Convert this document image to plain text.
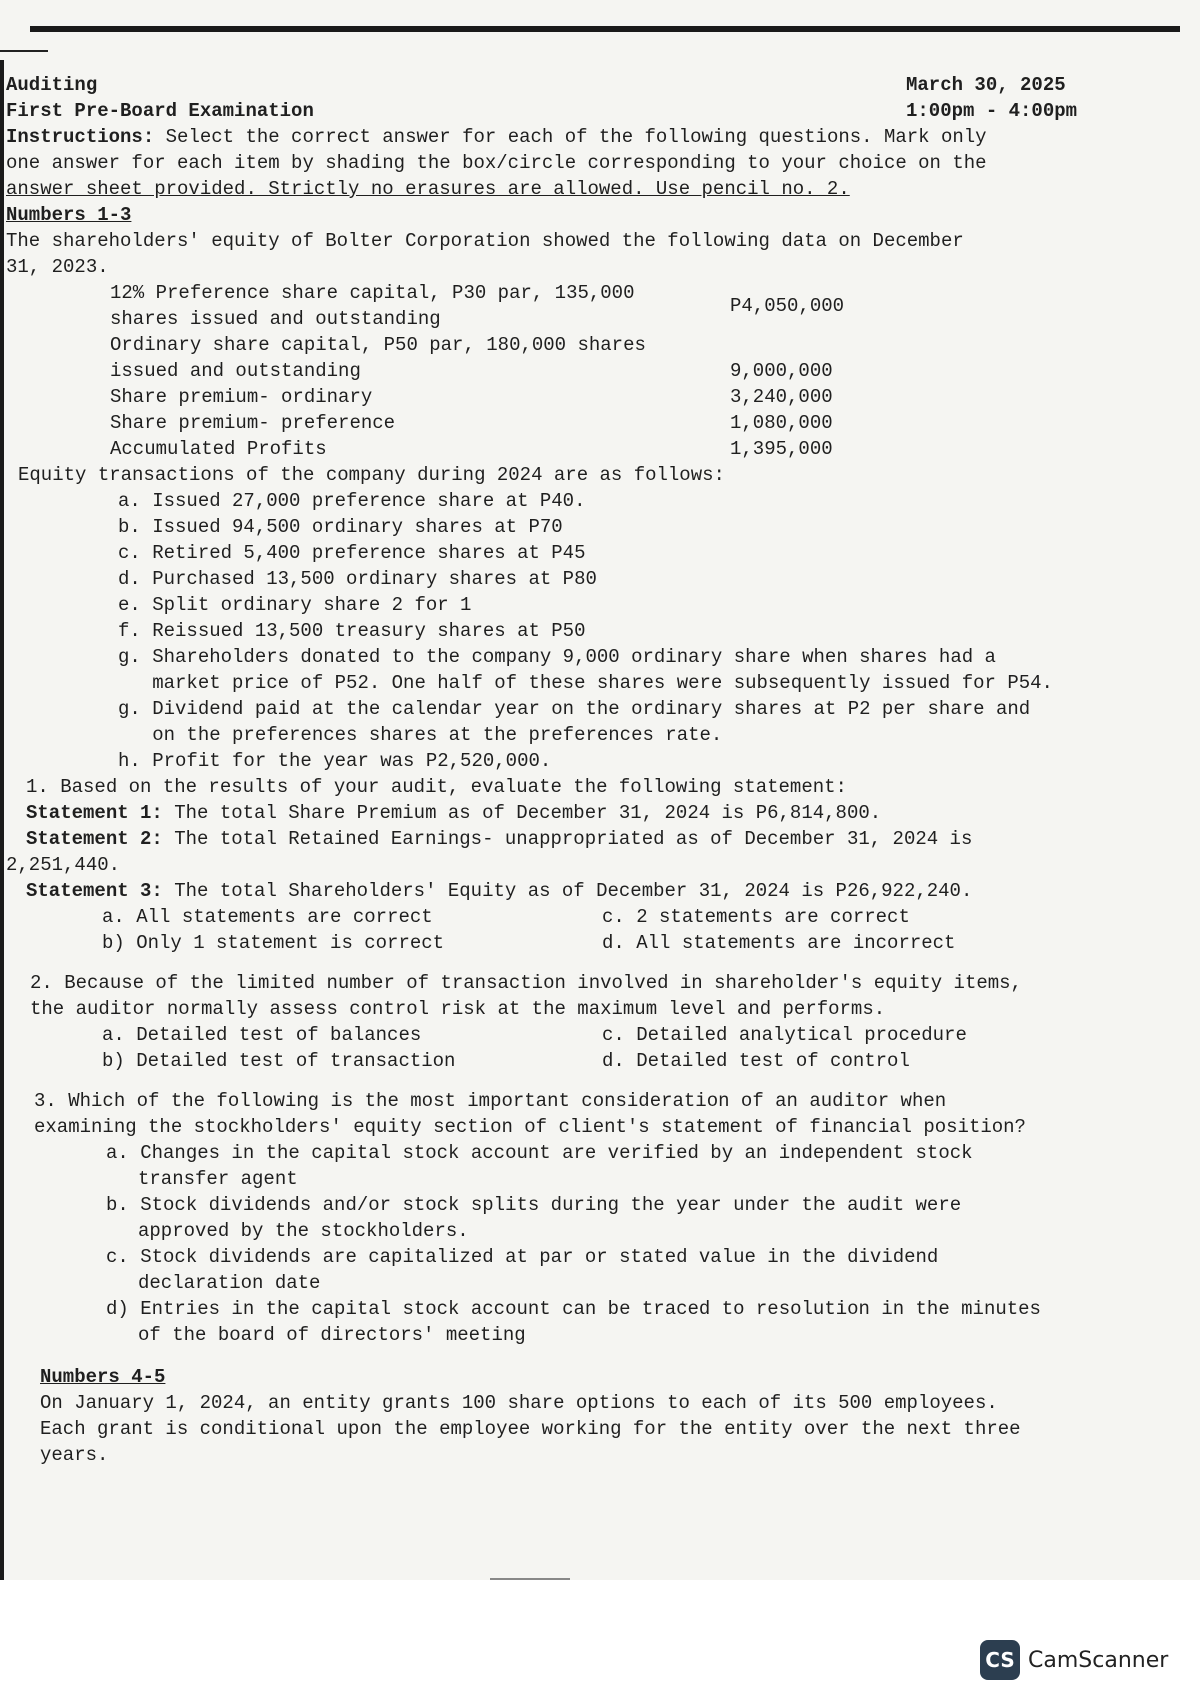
Auditing
First Pre-Board Examination
March 30, 2025
1:00pm - 4:00pm

Instructions: Select the correct answer for each of the following questions. Mark only

one answer for each item by shading the box/circle corresponding to your choice on the

answer sheet provided. Strictly no erasures are allowed. Use pencil no. 2.

Numbers 1-3

The shareholders' equity of Bolter Corporation showed the following data on December

31, 2023.

12% Preference share capital, P30 par, 135,000
shares issued and outstanding
P4,050,000
Ordinary share capital, P50 par, 180,000 shares
issued and outstanding	9,000,000
Share premium- ordinary	3,240,000
Share premium- preference	1,080,000
Accumulated Profits	1,395,000

Equity transactions of the company during 2024 are as follows:

a. Issued 27,000 preference share at P40.

b. Issued 94,500 ordinary shares at P70

c. Retired 5,400 preference shares at P45

d. Purchased 13,500 ordinary shares at P80

e. Split ordinary share 2 for 1

f. Reissued 13,500 treasury shares at P50

g. Shareholders donated to the company 9,000 ordinary share when shares had a

market price of P52. One half of these shares were subsequently issued for P54.

g. Dividend paid at the calendar year on the ordinary shares at P2 per share and

on the preferences shares at the preferences rate.

h. Profit for the year was P2,520,000.

1. Based on the results of your audit, evaluate the following statement:

Statement 1: The total Share Premium as of December 31, 2024 is P6,814,800.

Statement 2: The total Retained Earnings- unappropriated as of December 31, 2024 is

2,251,440.

Statement 3: The total Shareholders' Equity as of December 31, 2024 is P26,922,240.

a. All statements are correct	c. 2 statements are correct
b) Only 1 statement is correct	d. All statements are incorrect

2. Because of the limited number of transaction involved in shareholder's equity items,

the auditor normally assess control risk at the maximum level and performs.

a. Detailed test of balances	c. Detailed analytical procedure
b) Detailed test of transaction	d. Detailed test of control

3. Which of the following is the most important consideration of an auditor when

examining the stockholders' equity section of client's statement of financial position?

a. Changes in the capital stock account are verified by an independent stock

transfer agent

b. Stock dividends and/or stock splits during the year under the audit were

approved by the stockholders.

c. Stock dividends are capitalized at par or stated value in the dividend

declaration date

d) Entries in the capital stock account can be traced to resolution in the minutes

of the board of directors' meeting

Numbers 4-5

On January 1, 2024, an entity grants 100 share options to each of its 500 employees.

Each grant is conditional upon the employee working for the entity over the next three

years.

CS CamScanner
